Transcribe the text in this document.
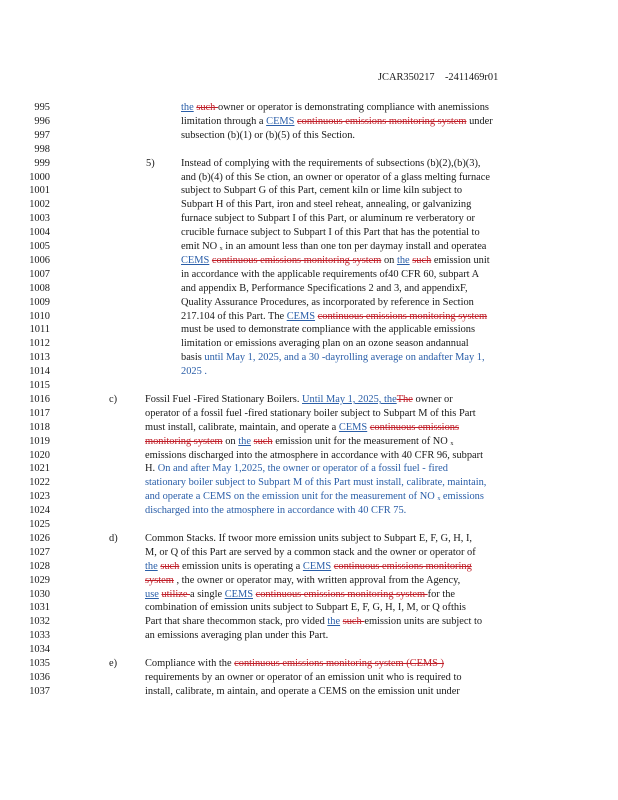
JCAR350217    -2411469r01
995	the such owner or operator is demonstrating compliance with anemissions
996	limitation through a CEMS continuous emissions monitoring system under
997	subsection (b)(1) or (b)(5) of this Section.
998
999	5)	Instead of complying with the requirements of subsections (b)(2),(b)(3),
1000	and (b)(4) of this Se ction, an owner or operator of a glass melting furnace
1001	subject to Subpart G of this Part, cement kiln or lime kiln subject to
1002	Subpart H of this Part, iron and steel reheat, annealing, or galvanizing
1003	furnace subject to Subpart I of this Part, or aluminum re verberatory or
1004	crucible furnace subject to Subpart I of this Part that has the potential to
1005	emit NO ₓ in an amount less than one ton per daymay install and operatea
1006	CEMS continuous emissions monitoring system on the such emission unit
1007	in accordance with the applicable requirements of40 CFR 60, subpart A
1008	and appendix B, Performance Specifications 2 and 3, and appendixF,
1009	Quality Assurance Procedures, as incorporated by reference in Section
1010	217.104 of this Part. The CEMS continuous emissions monitoring system
1011	must be used to demonstrate compliance with the applicable emissions
1012	limitation or emissions averaging plan on an ozone season andannual
1013	basis until May 1, 2025, and a 30 -dayrolling average on andafter May 1,
1014	2025 .
1015
1016	c)	Fossil Fuel -Fired Stationary Boilers. Until May 1, 2025, theThe owner or
1017	operator of a fossil fuel -fired stationary boiler subject to Subpart M of this Part
1018	must install, calibrate, maintain, and operate a CEMS continuous emissions
1019	monitoring system on the such emission unit for the measurement of NO ₓ
1020	emissions discharged into the atmosphere in accordance with 40 CFR 96, subpart
1021	H. On and after May 1,2025, the owner or operator of a fossil fuel - fired
1022	stationary boiler subject to Subpart M of this Part must install, calibrate, maintain,
1023	and operate a CEMS on the emission unit for the measurement of NO ₓ emissions
1024	discharged into the atmosphere in accordance with 40 CFR 75.
1025
1026	d)	Common Stacks. If twoor more emission units subject to Subpart E, F, G, H, I,
1027	M, or Q of this Part are served by a common stack and the owner or operator of
1028	the such emission units is operating a CEMS continuous emissions monitoring
1029	system , the owner or operator may, with written approval from the Agency,
1030	use utilize a single CEMS continuous emissions monitoring system for the
1031	combination of emission units subject to Subpart E, F, G, H, I, M, or Q ofthis
1032	Part that share thecommon stack, pro vided the such emission units are subject to
1033	an emissions averaging plan under this Part.
1034
1035	e)	Compliance with the continuous emissions monitoring system (CEMS )
1036	requirements by an owner or operator of an emission unit who is required to
1037	install, calibrate, m aintain, and operate a CEMS on the emission unit under
